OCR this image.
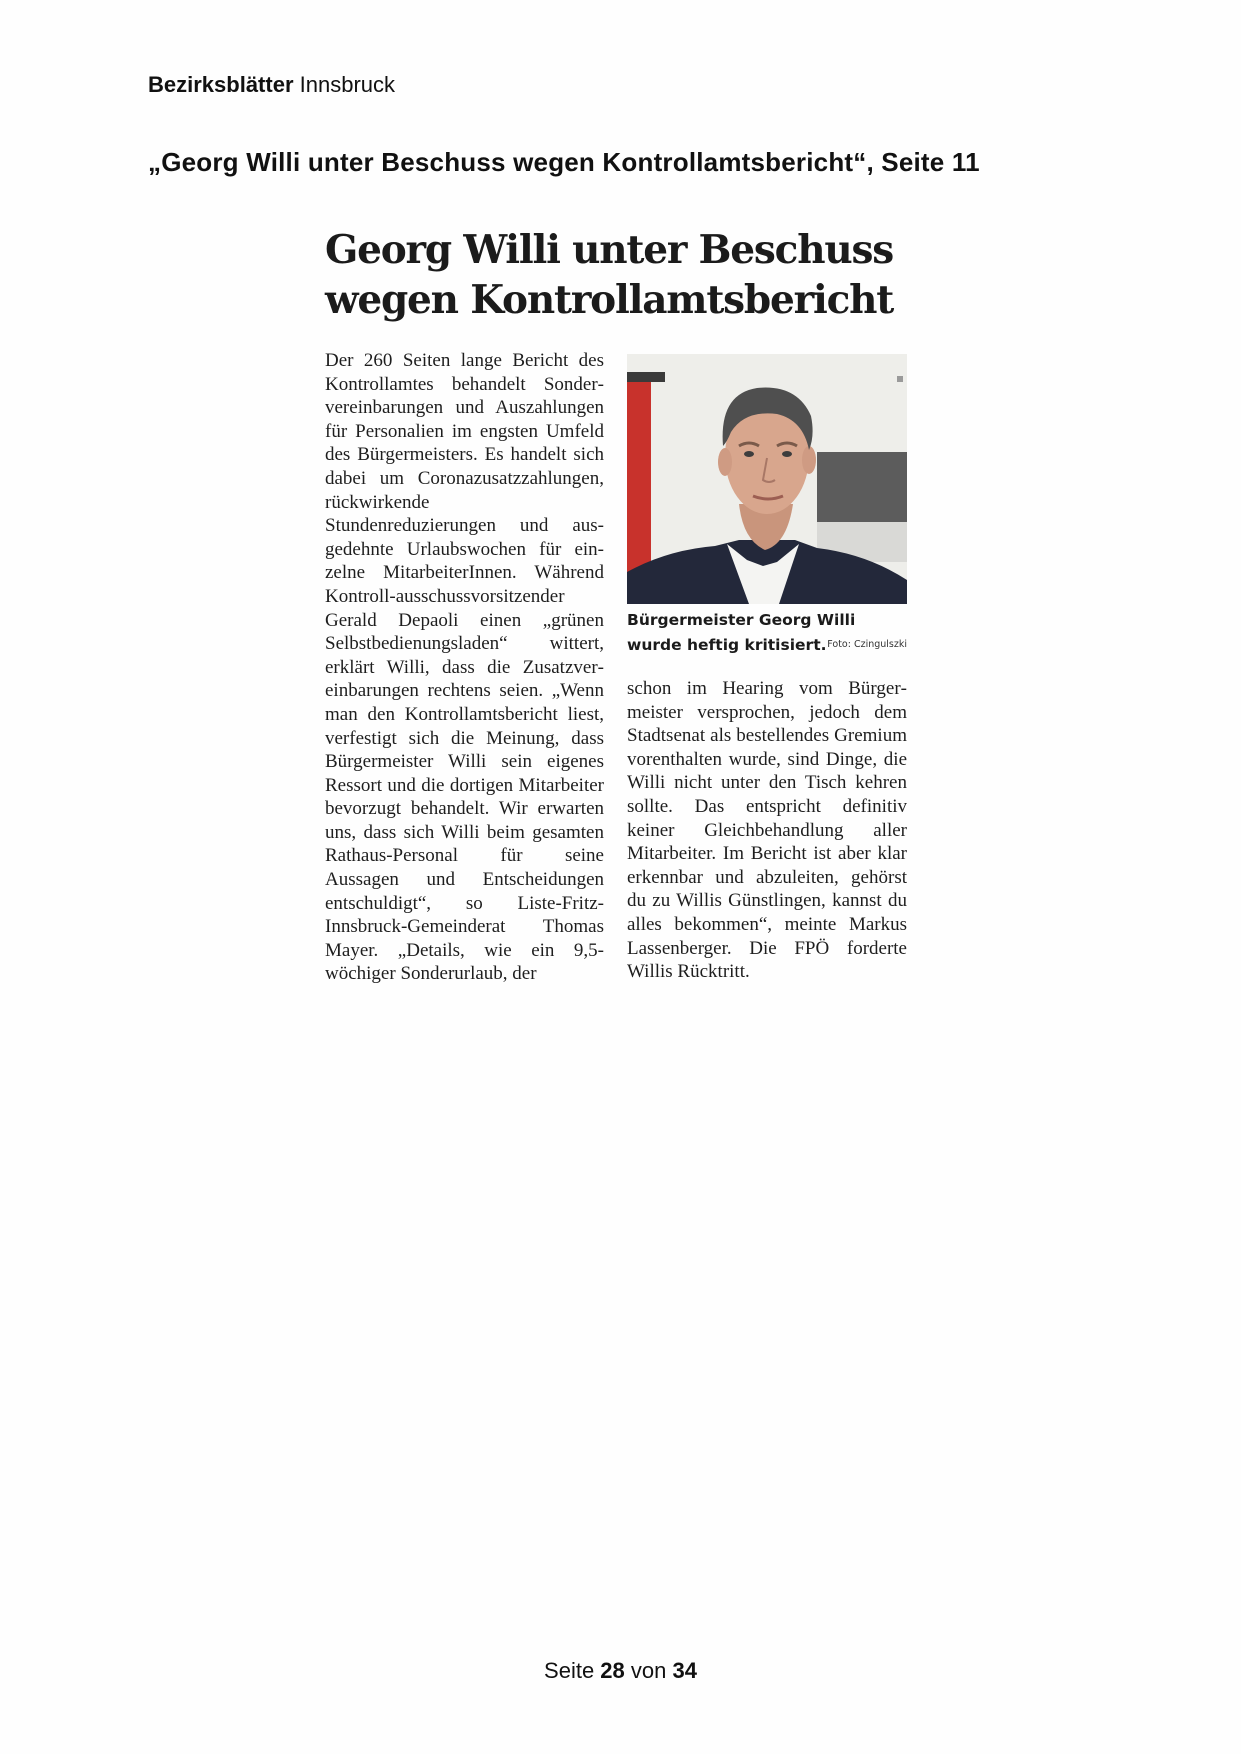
Bezirksblätter Innsbruck
„Georg Willi unter Beschuss wegen Kontrollamtsbericht“, Seite 11
Georg Willi unter Beschuss
wegen Kontrollamtsbericht
Der 260 Seiten lange Bericht des Kontrollamtes behandelt Sondervereinbarungen und Auszahlungen für Personalien im engsten Umfeld des Bürgermeisters. Es handelt sich dabei um Coronazusatzzahlungen, rückwirkende Stundenreduzierungen und ausgedehnte Urlaubswochen für einzelne MitarbeiterInnen. Während Kontroll-ausschussvorsitzender Gerald Depaoli einen „grünen Selbstbedienungsladen“ wittert, erklärt Willi, dass die Zusatzvereinbarungen rechtens seien. „Wenn man den Kontrollamtsbericht liest, verfestigt sich die Meinung, dass Bürgermeister Willi sein eigenes Ressort und die dortigen Mitarbeiter bevorzugt behandelt. Wir erwarten uns, dass sich Willi beim gesamten Rathaus-Personal für seine Aussagen und Entscheidungen entschuldigt“, so Liste-Fritz-Innsbruck-Gemeinderat Thomas Mayer. „Details, wie ein 9,5-wöchiger Sonderurlaub, der
Bürgermeister Georg Willi wurde heftig kritisiert. Foto: Czingulszki
schon im Hearing vom Bürgermeister versprochen, jedoch dem Stadtsenat als bestellendes Gremium vorenthalten wurde, sind Dinge, die Willi nicht unter den Tisch kehren sollte. Das entspricht definitiv keiner Gleichbehandlung aller Mitarbeiter. Im Bericht ist aber klar erkennbar und abzuleiten, gehörst du zu Willis Günstlingen, kannst du alles bekommen“, meinte Markus Lassenberger. Die FPÖ forderte Willis Rücktritt.
Seite 28 von 34
